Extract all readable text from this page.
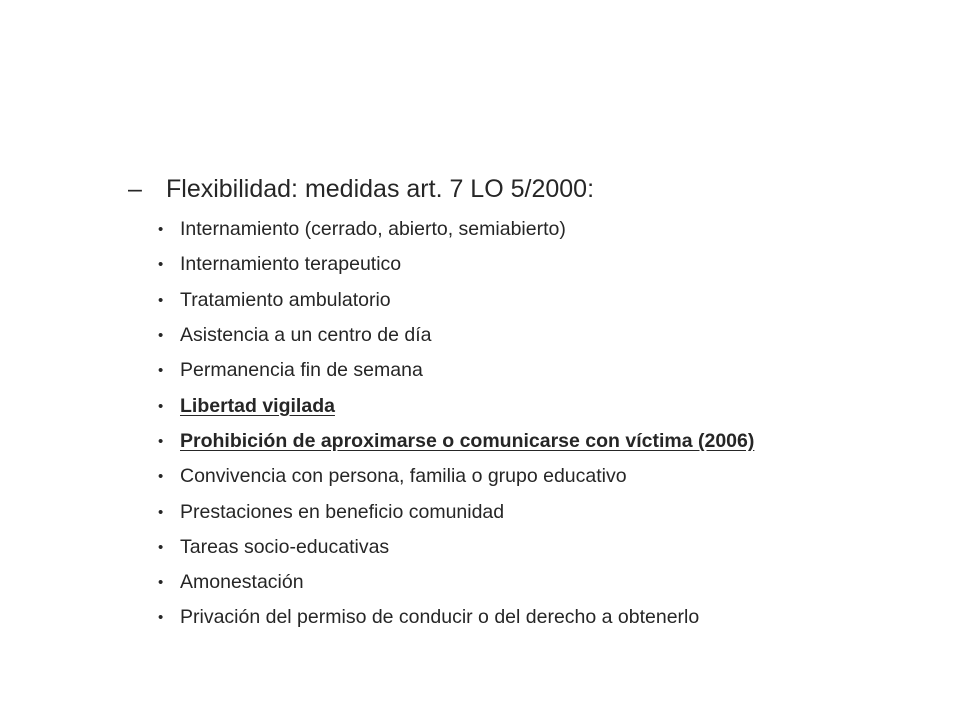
– Flexibilidad: medidas art. 7 LO 5/2000:
• Internamiento (cerrado, abierto, semiabierto)
• Internamiento terapeutico
• Tratamiento ambulatorio
• Asistencia a un centro de día
• Permanencia fin de semana
• Libertad vigilada
• Prohibición de aproximarse o comunicarse con víctima (2006)
• Convivencia con persona, familia o grupo educativo
• Prestaciones en beneficio comunidad
• Tareas socio-educativas
• Amonestación
• Privación del permiso de conducir o del derecho a obtenerlo
